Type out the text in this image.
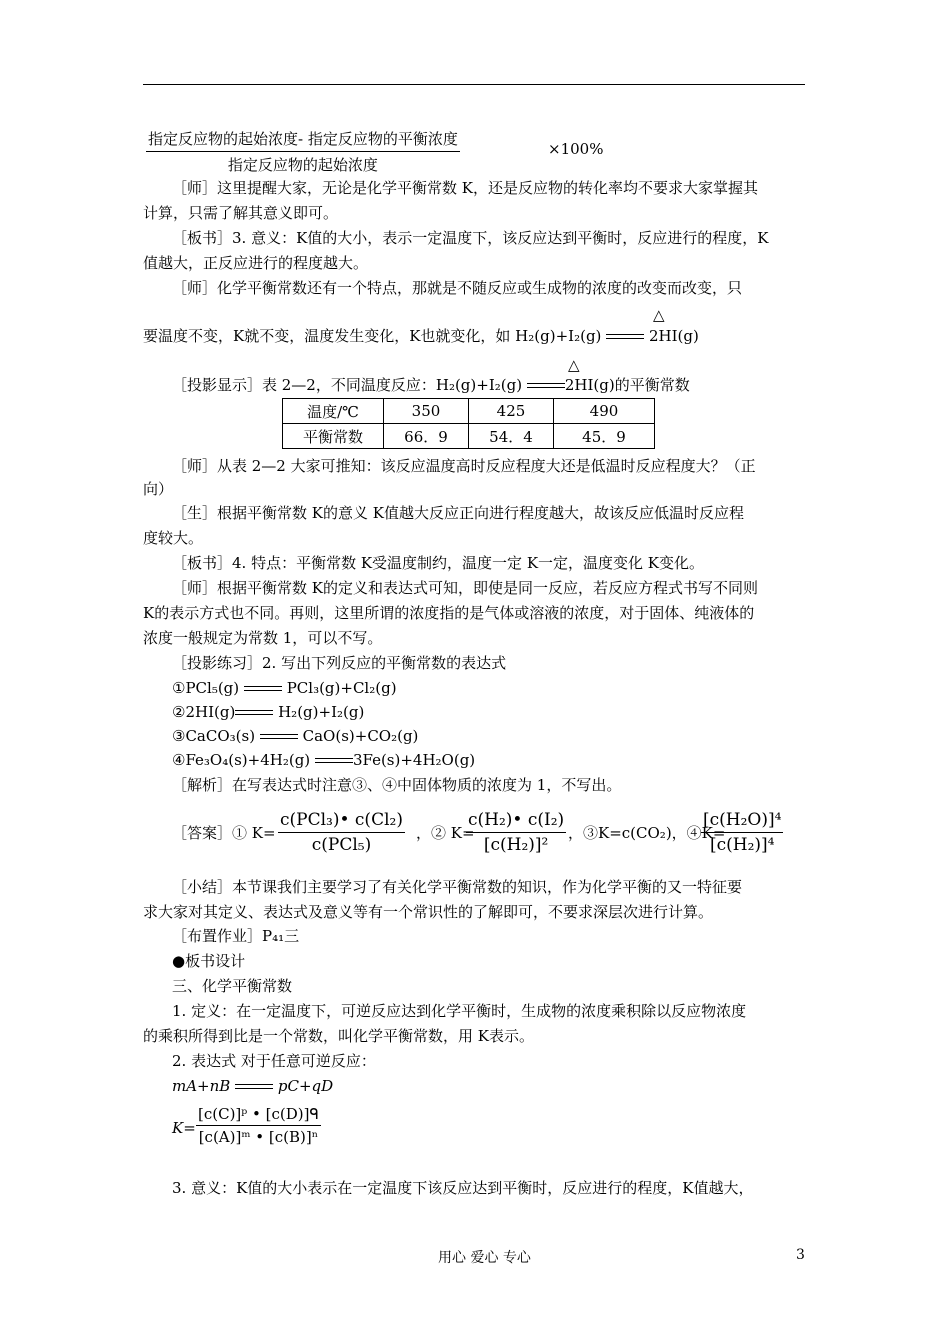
指定反应物的起始浓度- 指定反应物的平衡浓度
指定反应物的起始浓度
×100%
［师］这里提醒大家，无论是化学平衡常数 K，还是反应物的转化率均不要求大家掌握其
计算，只需了解其意义即可。
［板书］3. 意义：K值的大小，表示一定温度下，该反应达到平衡时，反应进行的程度，K
值越大，正反应进行的程度越大。
［师］化学平衡常数还有一个特点，那就是不随反应或生成物的浓度的改变而改变，只
△
要温度不变，K就不变，温度发生变化，K也就变化，如 H₂(g)+I₂(g)	2HI(g)
△
［投影显示］表 2—2，不同温度反应：H₂(g)+I₂(g)	2HI(g)的平衡常数
温度/℃	350	425	490
平衡常数	66．9	54．4	45．9
［师］从表 2—2 大家可推知：该反应温度高时反应程度大还是低温时反应程度大？（正
向）
［生］根据平衡常数 K的意义 K值越大反应正向进行程度越大，故该反应低温时反应程
度较大。
［板书］4. 特点：平衡常数 K受温度制约，温度一定 K一定，温度变化 K变化。
［师］根据平衡常数 K的定义和表达式可知，即使是同一反应，若反应方程式书写不同则
K的表示方式也不同。再则，这里所谓的浓度指的是气体或溶液的浓度，对于固体、纯液体的
浓度一般规定为常数 1，可以不写。
［投影练习］2. 写出下列反应的平衡常数的表达式
①PCl₅(g)	PCl₃(g)+Cl₂(g)
②2HI(g)	H₂(g)+I₂(g)
③CaCO₃(s)	CaO(s)+CO₂(g)
④Fe₃O₄(s)+4H₂(g)	3Fe(s)+4H₂O(g)
［解析］在写表达式时注意③、④中固体物质的浓度为 1，不写出。
［答案］① K=
c(PCl₃)• c(Cl₂)
c(PCl₅)
，② K=
$\frac{\text{c(H₂)• c(I₂)}}{\text{[c(H₂)]²}}$ ，③K=c(CO₂)，④K=
$\frac{\text{[c(H₂O)]⁴}}{\text{[c(H₂)]⁴}}$
［小结］本节课我们主要学习了有关化学平衡常数的知识，作为化学平衡的又一特征要
求大家对其定义、表达式及意义等有一个常识性的了解即可，不要求深层次进行计算。
［布置作业］P₄₁三
●板书设计
三、化学平衡常数
1. 定义：在一定温度下，可逆反应达到化学平衡时，生成物的浓度乘积除以反应物浓度
的乘积所得到比是一个常数，叫化学平衡常数，用 K表示。
2. 表达式 对于任意可逆反应：
mA+nB	pC+qD
K=
[c(C)]ᵖ • [c(D)]ᑫ
[c(A)]ᵐ • [c(B)]ⁿ
3. 意义：K值的大小表示在一定温度下该反应达到平衡时，反应进行的程度，K值越大，
用心 爱心 专心	3
